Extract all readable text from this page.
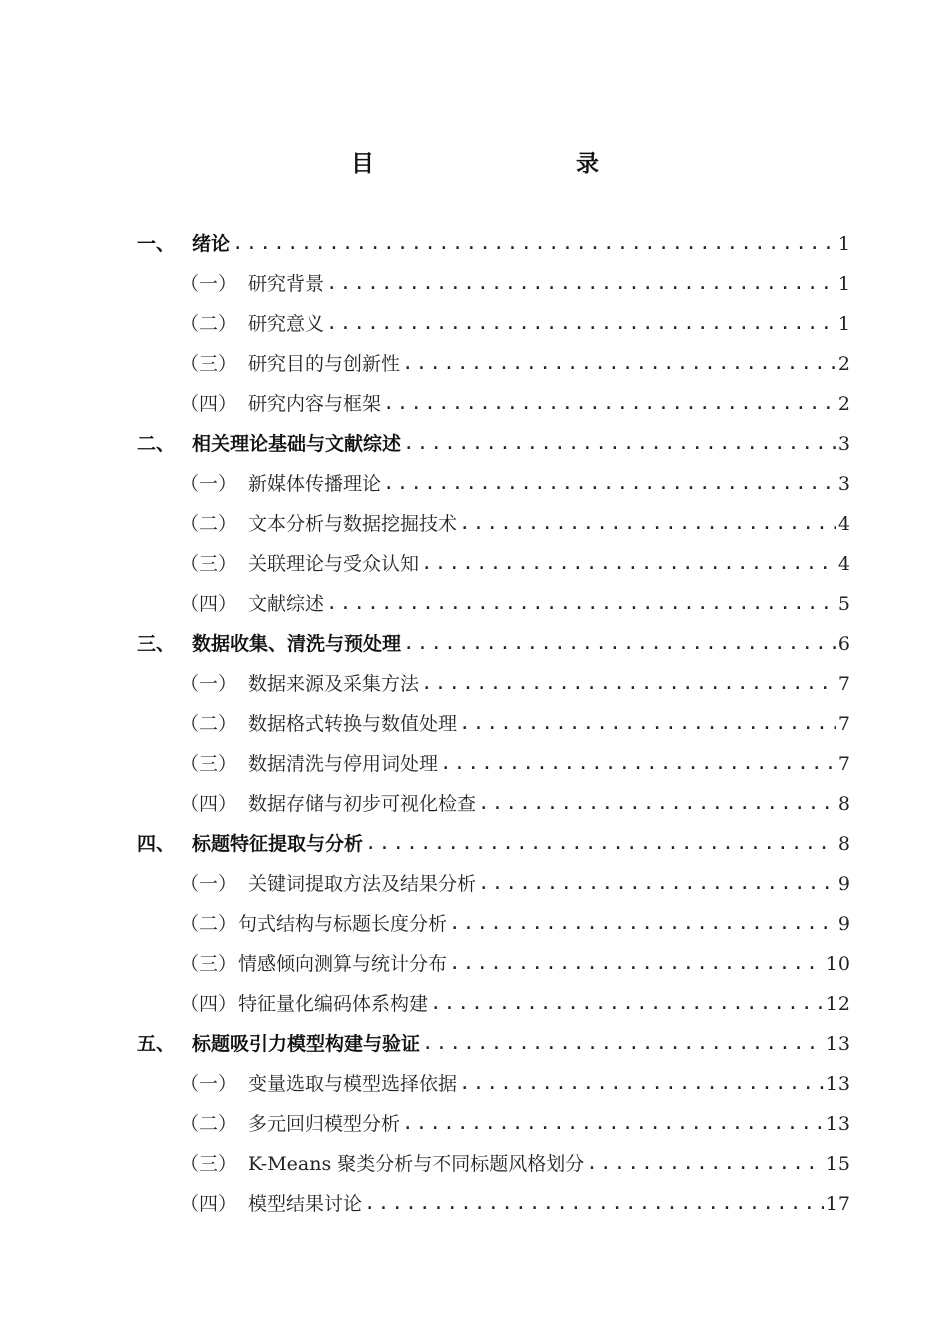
目　　录
一、 绪论 .....	1
（一） 研究背景 .....	1
（二） 研究意义 .....	1
（三） 研究目的与创新性 .....	2
（四） 研究内容与框架 .....	2
二、 相关理论基础与文献综述 .....	3
（一） 新媒体传播理论 .....	3
（二） 文本分析与数据挖掘技术 .....	4
（三） 关联理论与受众认知 .....	4
（四） 文献综述 .....	5
三、 数据收集、清洗与预处理 .....	6
（一） 数据来源及采集方法 .....	7
（二） 数据格式转换与数值处理 .....	7
（三） 数据清洗与停用词处理 .....	7
（四） 数据存储与初步可视化检查 .....	8
四、 标题特征提取与分析 .....	8
（一） 关键词提取方法及结果分析 .....	9
（二） 句式结构与标题长度分析 .....	9
（三） 情感倾向测算与统计分布 .....	10
（四） 特征量化编码体系构建 .....	12
五、 标题吸引力模型构建与验证 .....	13
（一） 变量选取与模型选择依据 .....	13
（二） 多元回归模型分析 .....	13
（三） K-Means 聚类分析与不同标题风格划分 .....	15
（四） 模型结果讨论 .....	17
